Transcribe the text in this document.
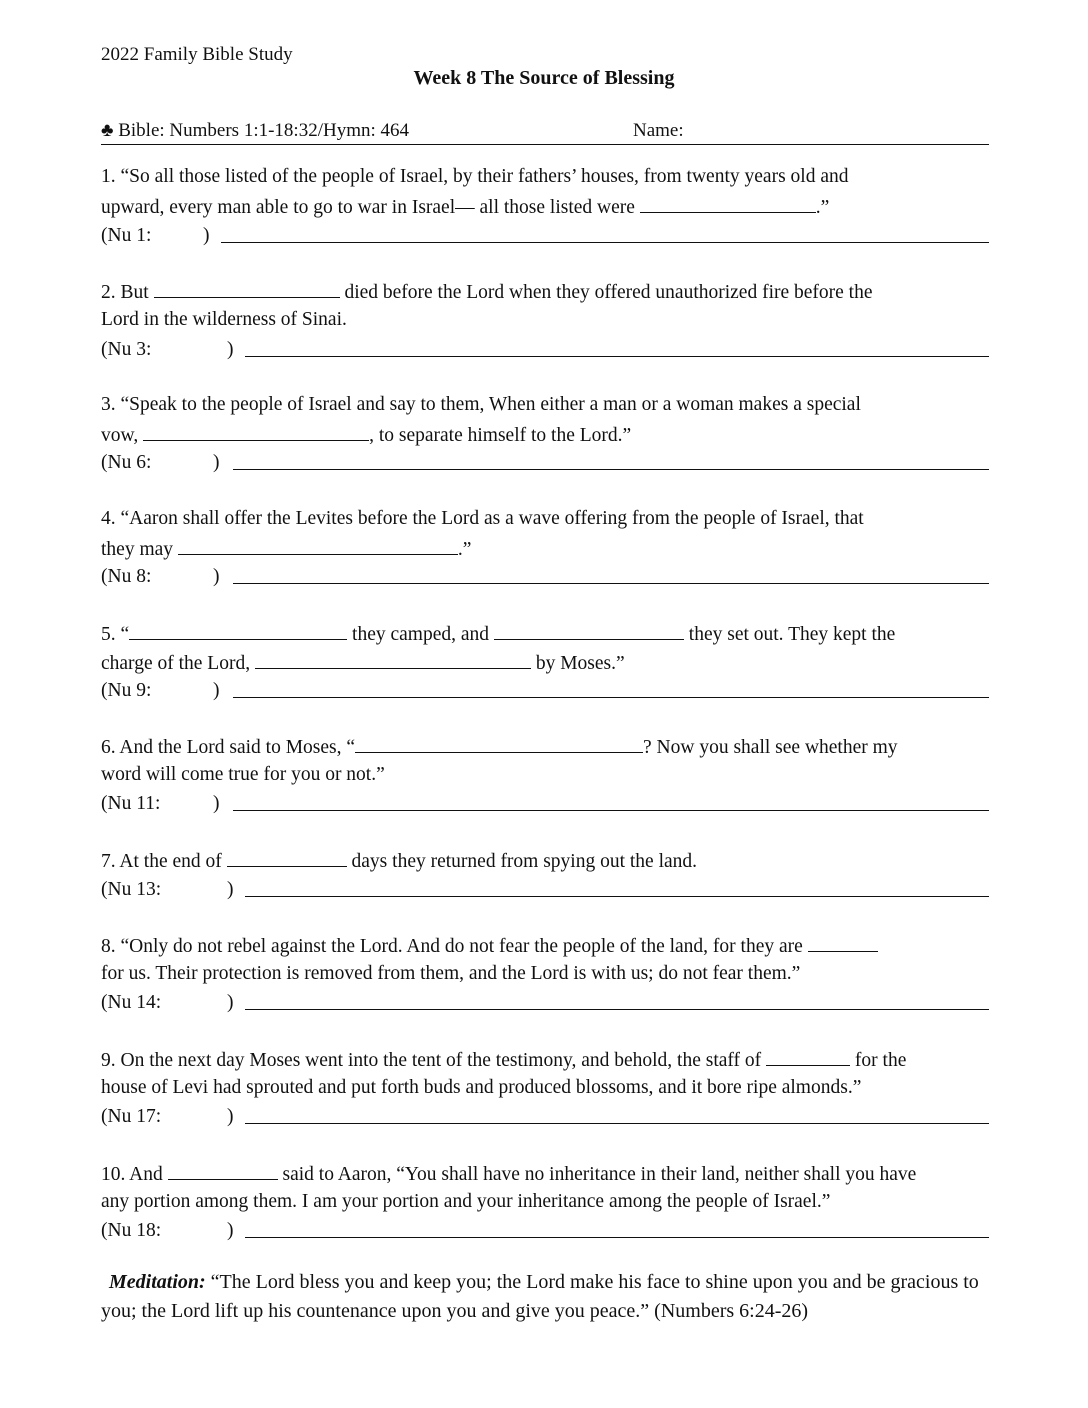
2022 Family Bible Study
Week 8 The Source of Blessing
♣ Bible: Numbers 1:1-18:32/Hymn: 464	Name:
1. “So all those listed of the people of Israel, by their fathers’ houses, from twenty years old and
upward, every man able to go to war in Israel— all those listed were	.”
(Nu 1:	)
2. But	died before the Lord when they offered unauthorized fire before the
Lord in the wilderness of Sinai.
(Nu 3:	)
3. “Speak to the people of Israel and say to them, When either a man or a woman makes a special
vow,	, to separate himself to the Lord.”
(Nu 6:	)
4. “Aaron shall offer the Levites before the Lord as a wave offering from the people of Israel, that
they may	.”
(Nu 8:	)
5. “	they camped, and	they set out. They kept the
charge of the Lord,	by Moses.”
(Nu 9:	)
6. And the Lord said to Moses, “	? Now you shall see whether my
word will come true for you or not.”
(Nu 11:	)
7. At the end of	days they returned from spying out the land.
(Nu 13:	)
8. “Only do not rebel against the Lord. And do not fear the people of the land, for they are
for us. Their protection is removed from them, and the Lord is with us; do not fear them.”
(Nu 14:	)
9. On the next day Moses went into the tent of the testimony, and behold, the staff of	for the
house of Levi had sprouted and put forth buds and produced blossoms, and it bore ripe almonds.”
(Nu 17:	)
10. And	said to Aaron, “You shall have no inheritance in their land, neither shall you have
any portion among them. I am your portion and your inheritance among the people of Israel.”
(Nu 18:	)
Meditation: “The Lord bless you and keep you; the Lord make his face to shine upon you and be gracious to you; the Lord lift up his countenance upon you and give you peace.” (Numbers 6:24-26)
